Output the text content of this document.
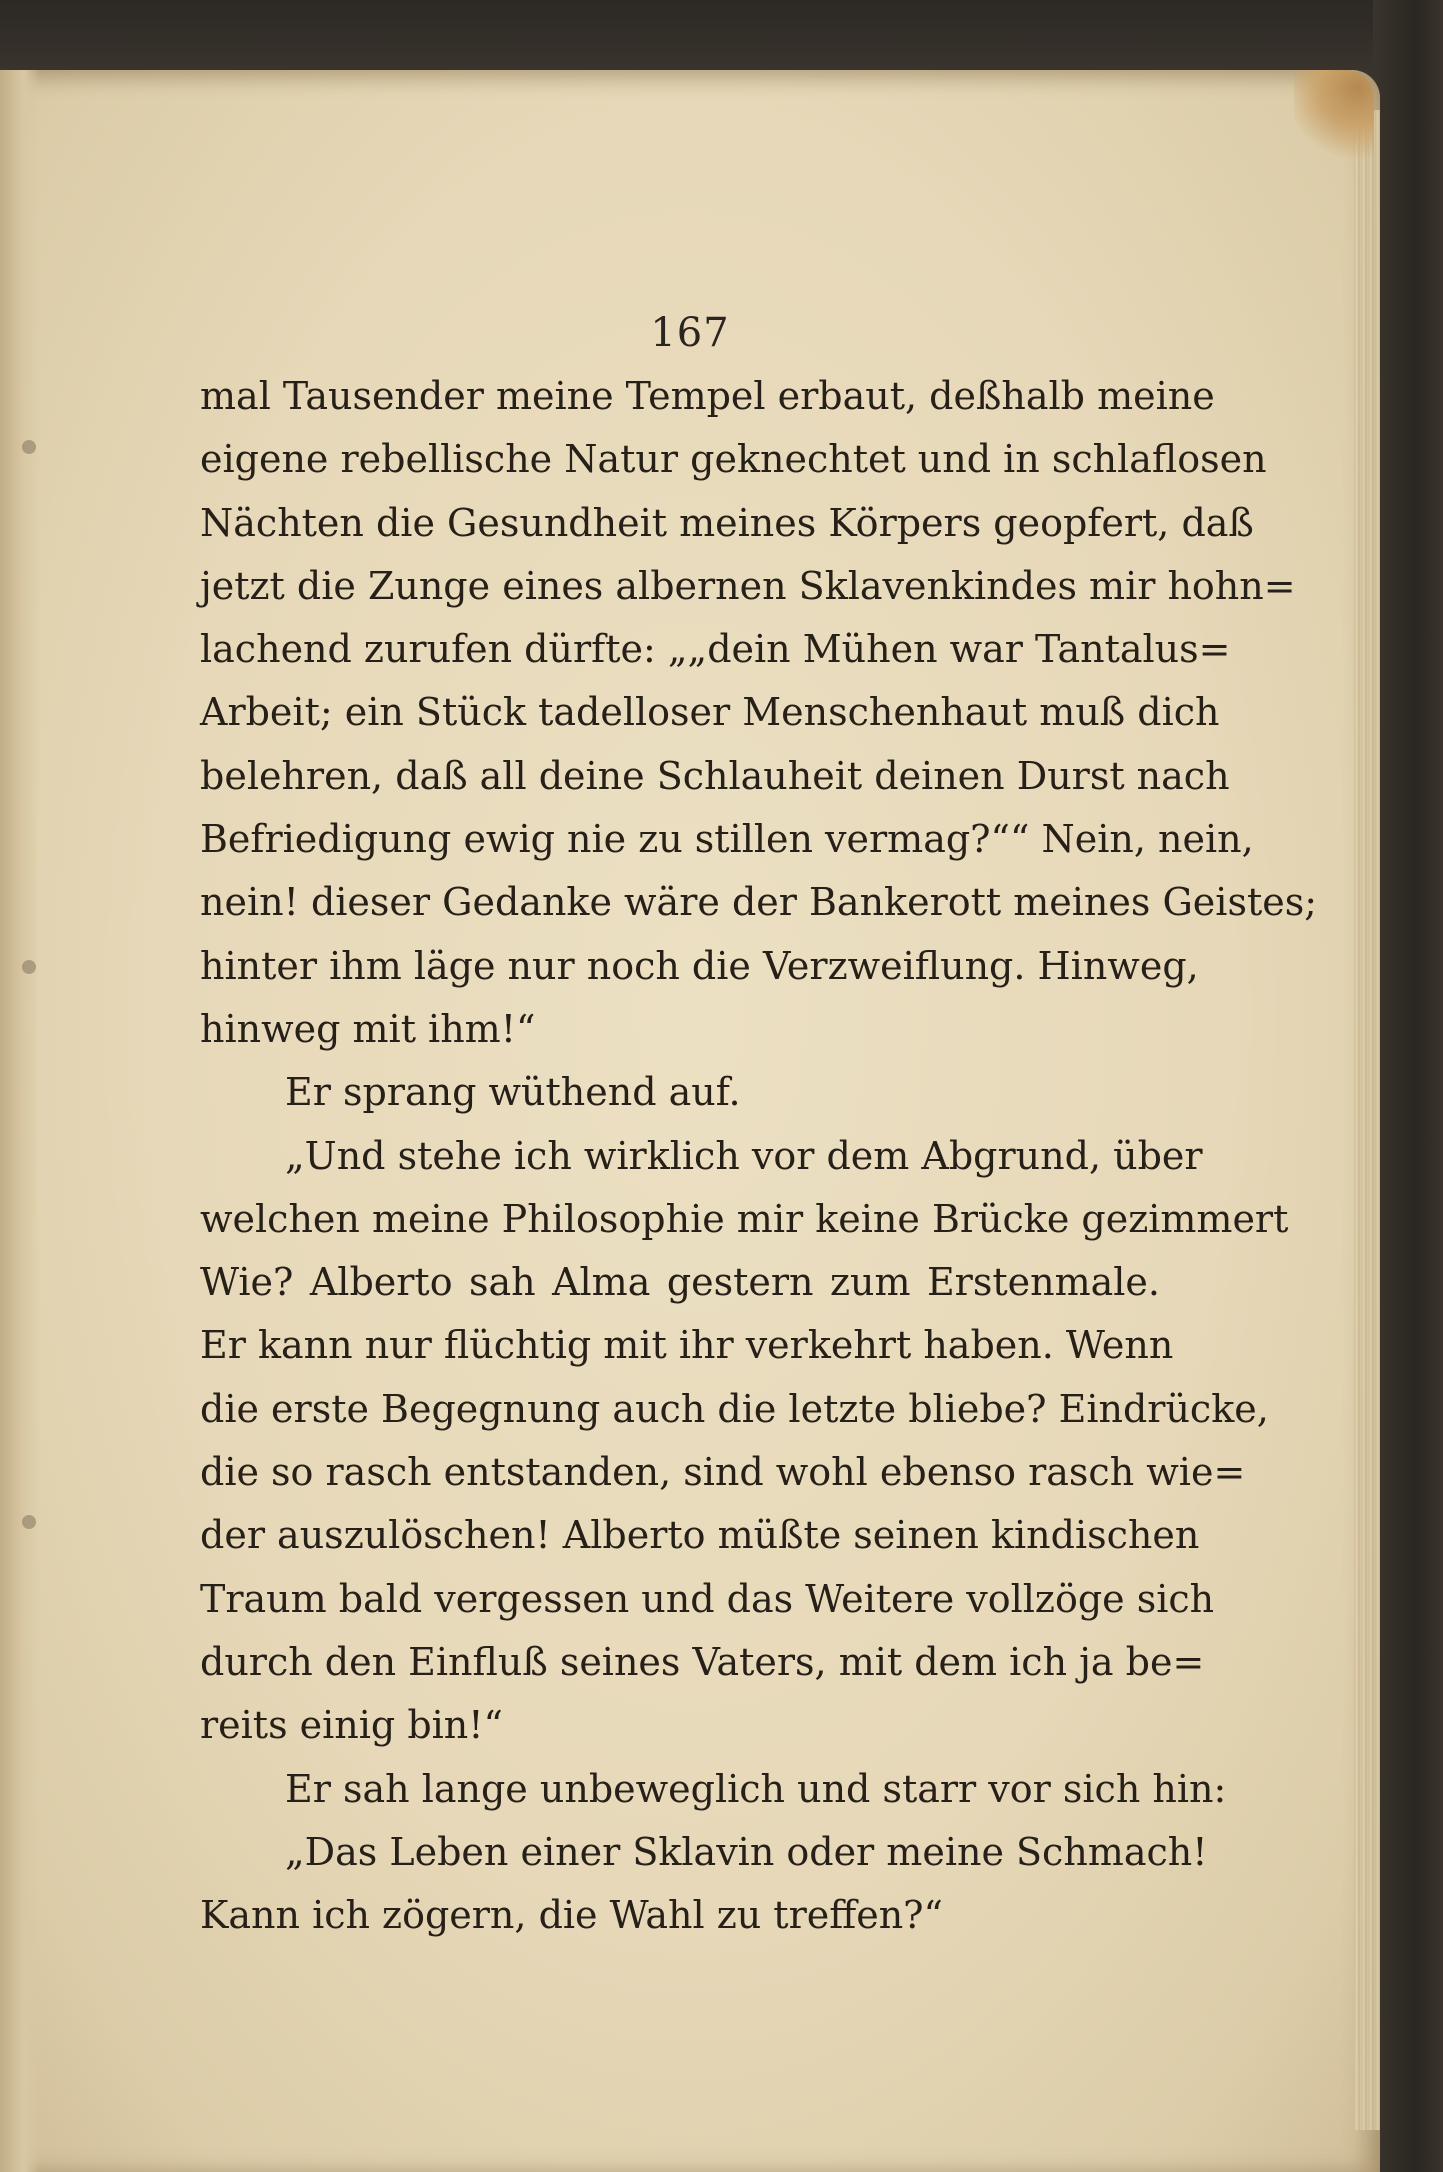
167
mal Tausender meine Tempel erbaut, deßhalb meine
eigene rebellische Natur geknechtet und in schlaflosen
Nächten die Gesundheit meines Körpers geopfert, daß
jetzt die Zunge eines albernen Sklavenkindes mir hohn=
lachend zurufen dürfte: „„dein Mühen war Tantalus=
Arbeit; ein Stück tadelloser Menschenhaut muß dich
belehren, daß all deine Schlauheit deinen Durst nach
Befriedigung ewig nie zu stillen vermag?““ Nein, nein,
nein! dieser Gedanke wäre der Bankerott meines Geistes;
hinter ihm läge nur noch die Verzweiflung. Hinweg,
hinweg mit ihm!“
Er sprang wüthend auf.
„Und stehe ich wirklich vor dem Abgrund, über
welchen meine Philosophie mir keine Brücke gezimmert
Wie? Alberto sah Alma gestern zum Erstenmale.
Er kann nur flüchtig mit ihr verkehrt haben. Wenn
die erste Begegnung auch die letzte bliebe? Eindrücke,
die so rasch entstanden, sind wohl ebenso rasch wie=
der auszulöschen! Alberto müßte seinen kindischen
Traum bald vergessen und das Weitere vollzöge sich
durch den Einfluß seines Vaters, mit dem ich ja be=
reits einig bin!“
Er sah lange unbeweglich und starr vor sich hin:
„Das Leben einer Sklavin oder meine Schmach!
Kann ich zögern, die Wahl zu treffen?“
